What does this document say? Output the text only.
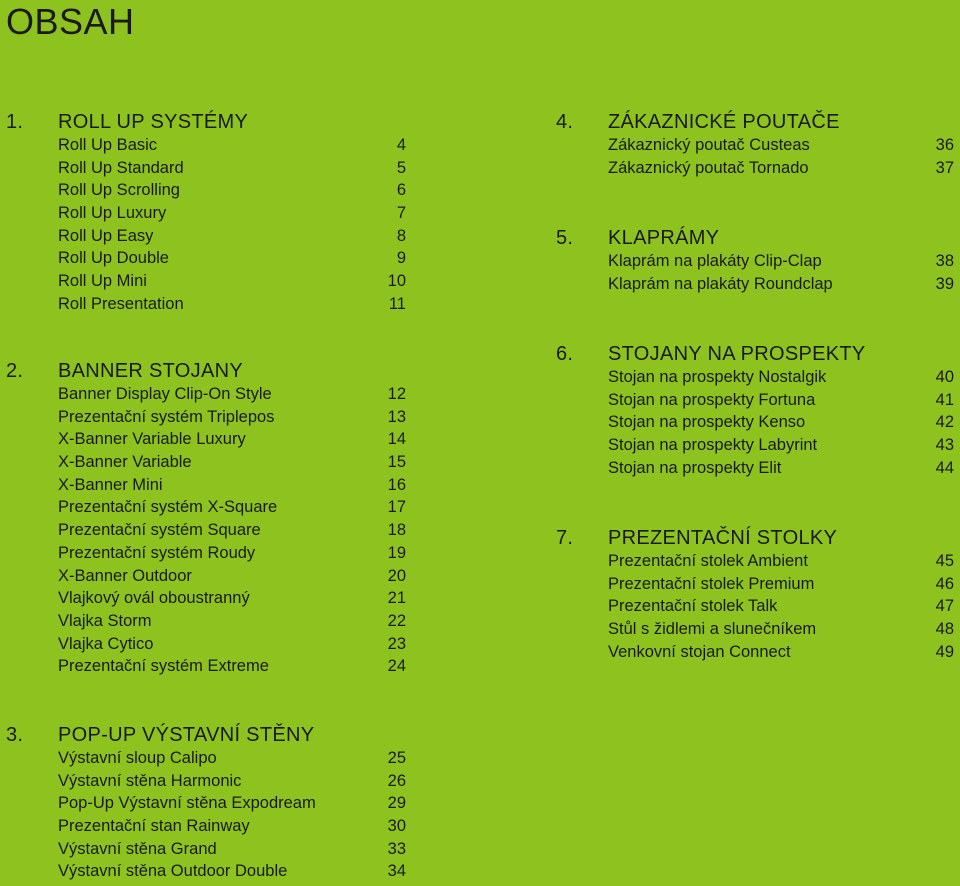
OBSAH
1.	ROLL UP SYSTÉMY
Roll Up Basic	4
Roll Up Standard	5
Roll Up Scrolling	6
Roll Up Luxury	7
Roll Up Easy	8
Roll Up Double	9
Roll Up Mini	10
Roll Presentation	11
2.	BANNER STOJANY
Banner Display Clip-On Style	12
Prezentační systém Triplepos	13
X-Banner Variable Luxury	14
X-Banner Variable	15
X-Banner Mini	16
Prezentační systém X-Square	17
Prezentační systém Square	18
Prezentační systém Roudy	19
X-Banner Outdoor	20
Vlajkový ovál oboustranný	21
Vlajka Storm	22
Vlajka Cytico	23
Prezentační systém Extreme	24
3.	POP-UP VÝSTAVNÍ STĚNY
Výstavní sloup Calipo	25
Výstavní stěna Harmonic	26
Pop-Up Výstavní stěna Expodream	29
Prezentační stan Rainway	30
Výstavní stěna Grand	33
Výstavní stěna Outdoor Double	34
4.	ZÁKAZNICKÉ POUTAČE
Zákaznický poutač Custeas	36
Zákaznický poutač Tornado	37
5.	KLAPRÁMY
Klaprám na plakáty Clip-Clap	38
Klaprám na plakáty Roundclap	39
6.	STOJANY NA PROSPEKTY
Stojan na prospekty Nostalgik	40
Stojan na prospekty Fortuna	41
Stojan na prospekty Kenso	42
Stojan na prospekty Labyrint	43
Stojan na prospekty Elit	44
7.	PREZENTAČNÍ STOLKY
Prezentační stolek Ambient	45
Prezentační stolek Premium	46
Prezentační stolek Talk	47
Stůl s židlemi a slunečníkem	48
Venkovní stojan Connect	49
